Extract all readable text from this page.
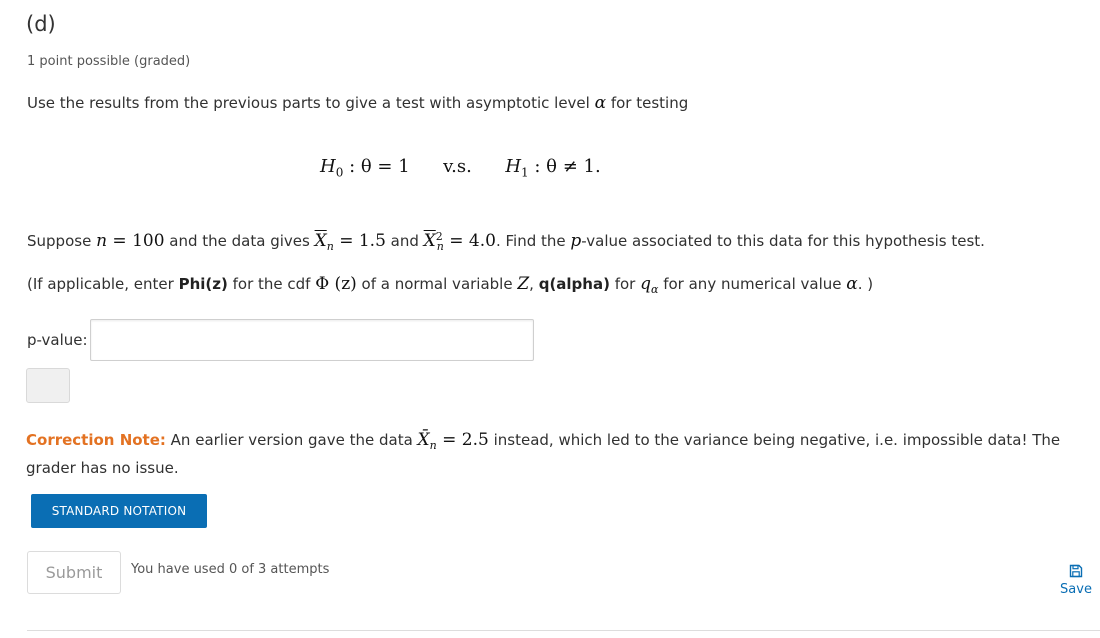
(d)
1 point possible (graded)
Use the results from the previous parts to give a test with asymptotic level α for testing
$H_0$ : θ = 1 v.s. $H_1$ : θ ≠ 1.
Suppose n = 100 and the data gives $\overline{X}_n = 1.5$ and $\overline{X}^2_n = 4.0$. Find the p-value associated to this data for this hypothesis test.
(If applicable, enter Phi(z) for the cdf Φ (z) of a normal variable Z, q(alpha) for $q_\alpha$ for any numerical value α. )
p-value:
Correction Note: An earlier version gave the data $X̄_n = 2.5$ instead, which led to the variance being negative, i.e. impossible data! The grader has no issue.
STANDARD NOTATION
Submit	You have used 0 of 3 attempts
Save
